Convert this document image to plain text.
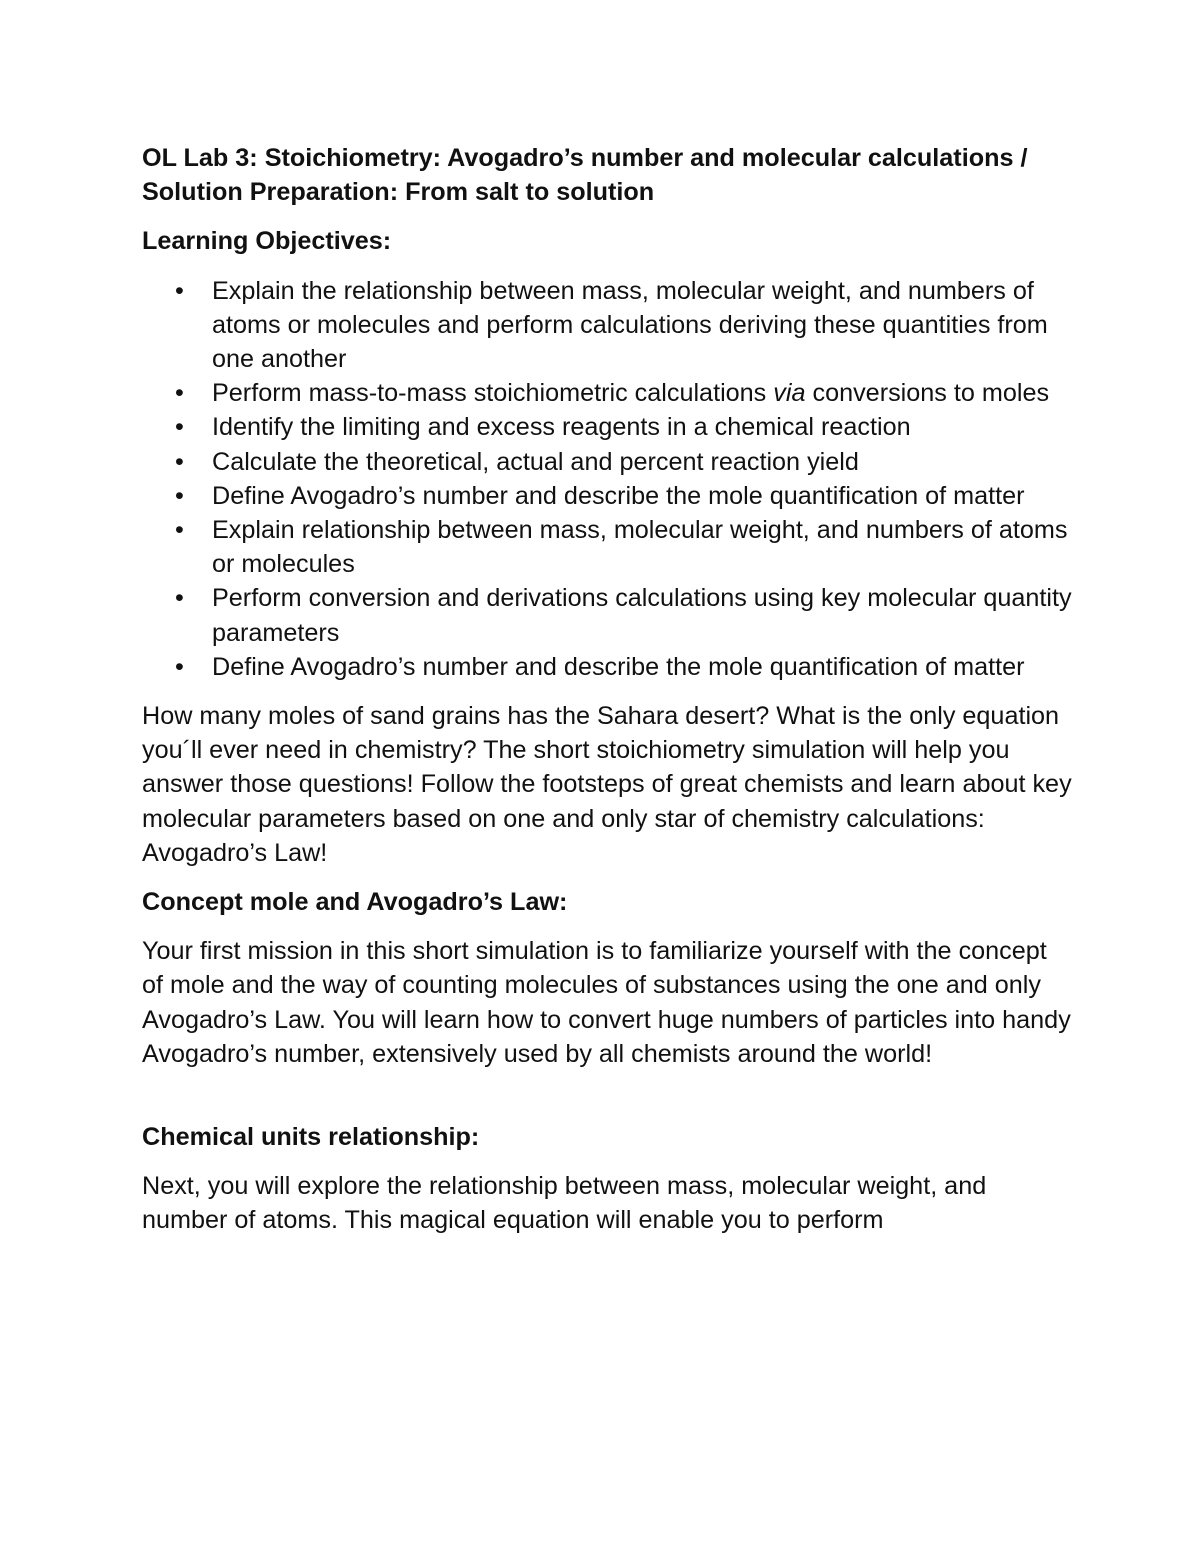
OL Lab 3: Stoichiometry: Avogadro’s number and molecular calculations / Solution Preparation: From salt to solution
Learning Objectives:
• Explain the relationship between mass, molecular weight, and numbers of atoms or molecules and perform calculations deriving these quantities from one another
• Perform mass-to-mass stoichiometric calculations via conversions to moles
• Identify the limiting and excess reagents in a chemical reaction
• Calculate the theoretical, actual and percent reaction yield
• Define Avogadro’s number and describe the mole quantification of matter
• Explain relationship between mass, molecular weight, and numbers of atoms or molecules
• Perform conversion and derivations calculations using key molecular quantity parameters
• Define Avogadro’s number and describe the mole quantification of matter

How many moles of sand grains has the Sahara desert? What is the only equation you´ll ever need in chemistry? The short stoichiometry simulation will help you answer those questions! Follow the footsteps of great chemists and learn about key molecular parameters based on one and only star of chemistry calculations: Avogadro’s Law!

Concept mole and Avogadro’s Law:

Your first mission in this short simulation is to familiarize yourself with the concept of mole and the way of counting molecules of substances using the one and only Avogadro’s Law. You will learn how to convert huge numbers of particles into handy Avogadro’s number, extensively used by all chemists around the world!

Chemical units relationship:

Next, you will explore the relationship between mass, molecular weight, and number of atoms. This magical equation will enable you to perform
